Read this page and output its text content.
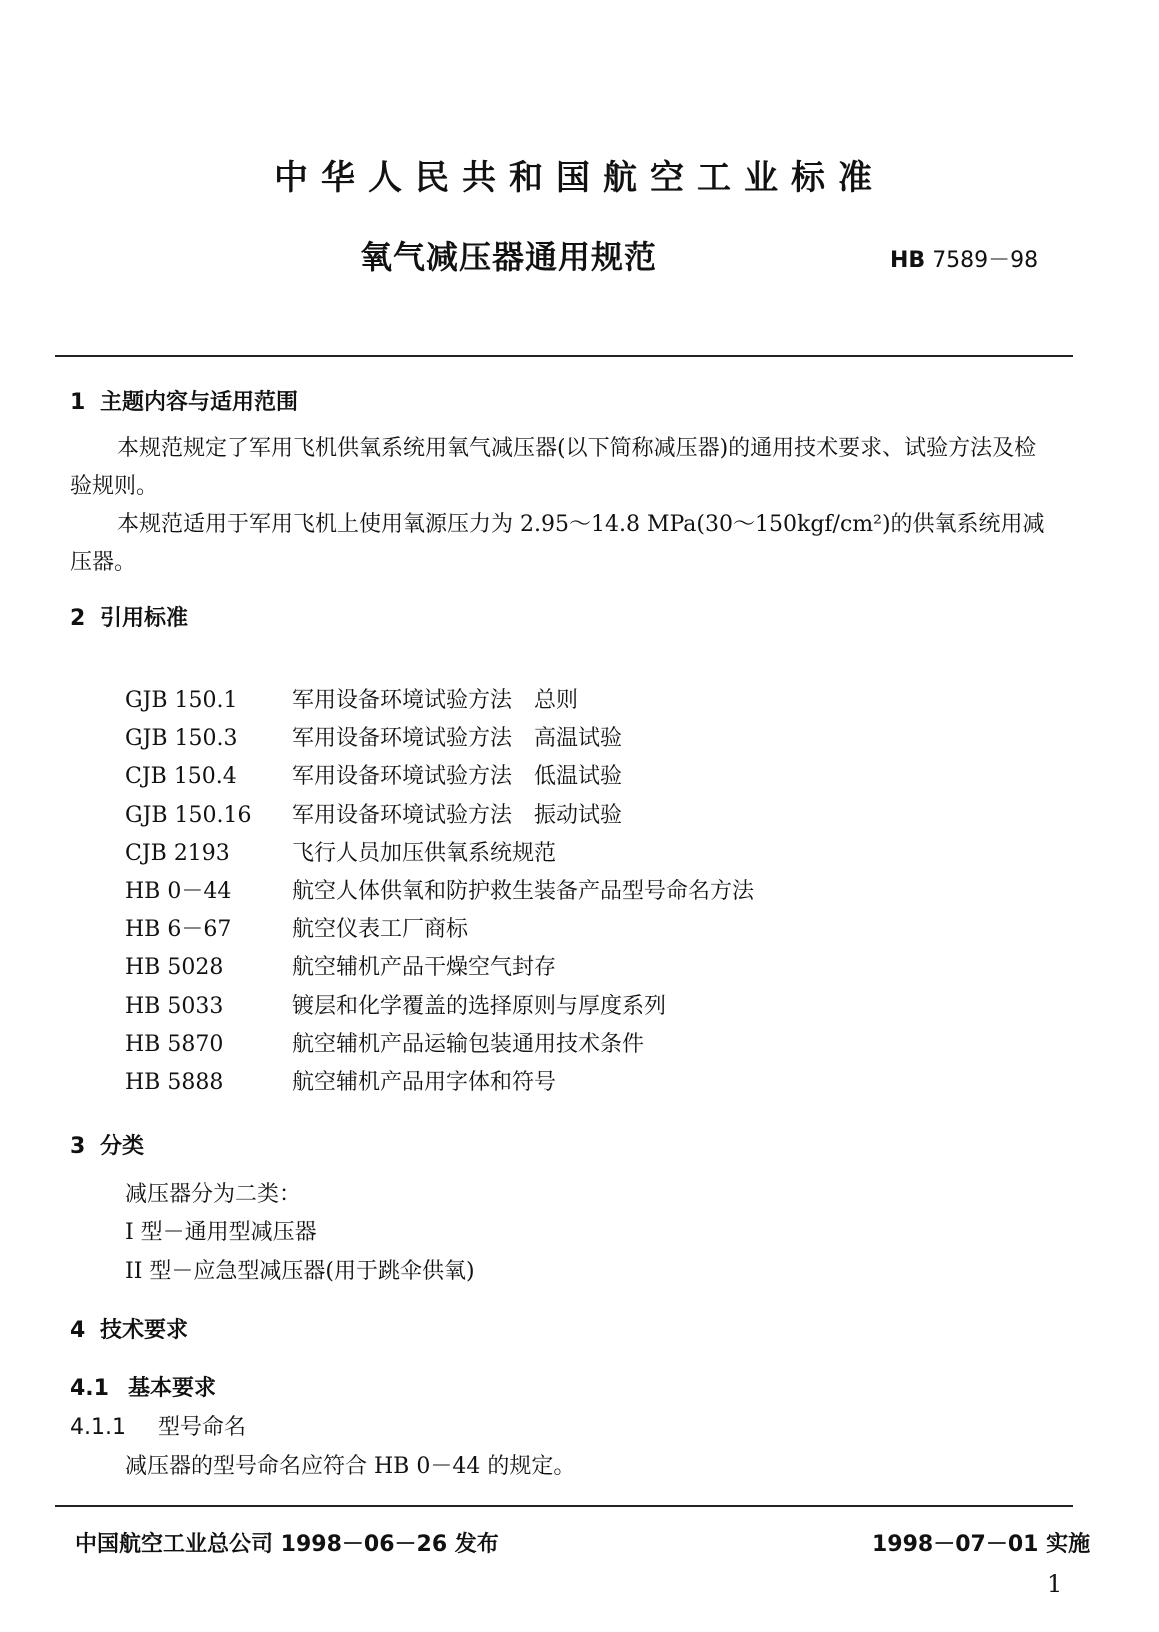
中华人民共和国航空工业标准
氧气减压器通用规范	HB 7589－98
1 主题内容与适用范围
本规范规定了军用飞机供氧系统用氧气减压器(以下简称减压器)的通用技术要求、试验方法及检验规则。
本规范适用于军用飞机上使用氧源压力为 2.95～14.8 MPa(30～150kgf/cm²)的供氧系统用减压器。
2 引用标准
GJB 150.1 军用设备环境试验方法　总则
GJB 150.3 军用设备环境试验方法　高温试验
CJB 150.4	军用设备环境试验方法　低温试验
GJB 150.16 军用设备环境试验方法　振动试验
CJB 2193	飞行人员加压供氧系统规范
HB 0－44	航空人体供氧和防护救生装备产品型号命名方法
HB 6－67	航空仪表工厂商标
HB 5028	航空辅机产品干燥空气封存
HB 5033	镀层和化学覆盖的选择原则与厚度系列
HB 5870	航空辅机产品运输包装通用技术条件
HB 5888	航空辅机产品用字体和符号
3 分类
减压器分为二类：
I 型－通用型减压器
II 型－应急型减压器(用于跳伞供氧)
4 技术要求
4.1 基本要求
4.1.1 型号命名
减压器的型号命名应符合 HB 0－44 的规定。
中国航空工业总公司 1998－06－26 发布	1998－07－01 实施
1
